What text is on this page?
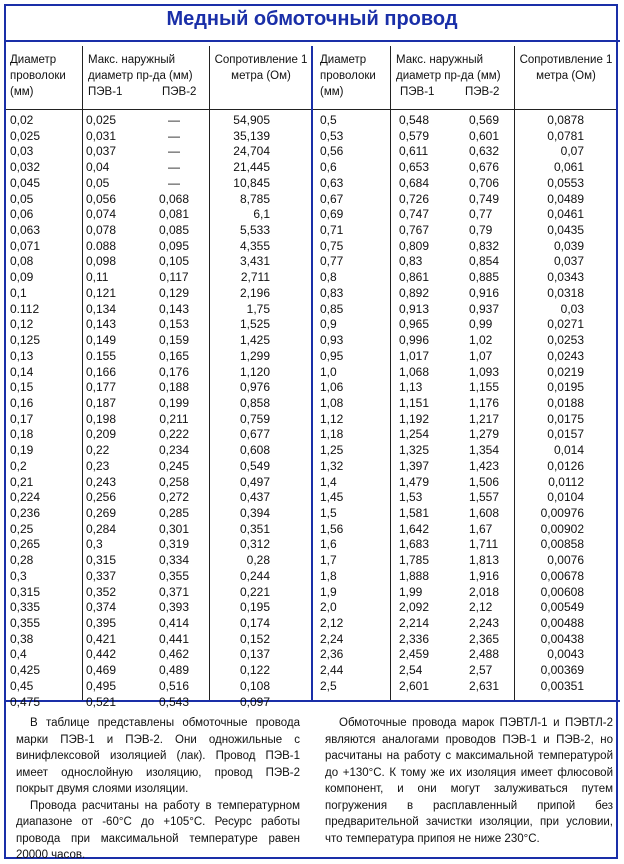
Медный обмоточный провод
Диаметр проволоки (мм)
Макс. наружный диаметр пр-да (мм)
ПЭВ-1	ПЭВ-2
Сопротивление 1 метра (Ом)
Диаметр проволоки (мм)
Макс. наружный диаметр пр-да (мм)
ПЭВ-1	ПЭВ-2
Сопротивление 1 метра (Ом)
0,02
0,025
0,03
0,032
0,045
0,05
0,06
0,063
0,071
0,08
0,09
0,1
0.112
0,12
0,125
0,13
0,14
0,15
0,16
0,17
0,18
0,19
0,2
0,21
0,224
0,236
0,25
0,265
0,28
0,3
0,315
0,335
0,355
0,38
0,4
0,425
0,45
0,475
0,025
0,031
0,037
0,04
0,05
0,056
0,074
0,078
0.088
0,098
0,11
0,121
0,134
0,143
0,149
0.155
0,166
0,177
0,187
0,198
0,209
0,22
0,23
0,243
0,256
0,269
0,284
0,3
0,315
0,337
0,352
0,374
0,395
0,421
0,442
0,469
0,495
0,521
—
—
—
—
—
0,068
0,081
0,085
0,095
0,105
0,117
0,129
0,143
0,153
0,159
0,165
0,176
0,188
0,199
0,211
0,222
0,234
0,245
0,258
0,272
0,285
0,301
0,319
0,334
0,355
0,371
0,393
0,414
0,441
0,462
0,489
0,516
0,543
54,905
35,139
24,704
21,445
10,845
8,785
6,1
5,533
4,355
3,431
2,711
2,196
1,75
1,525
1,425
1,299
1,120
0,976
0,858
0,759
0,677
0,608
0,549
0,497
0,437
0,394
0,351
0,312
0,28
0,244
0,221
0,195
0,174
0,152
0,137
0,122
0,108
0,097
0,5
0,53
0,56
0,6
0,63
0,67
0,69
0,71
0,75
0,77
0,8
0,83
0,85
0,9
0,93
0,95
1,0
1,06
1,08
1,12
1,18
1,25
1,32
1,4
1,45
1,5
1,56
1,6
1,7
1,8
1,9
2,0
2,12
2,24
2,36
2,44
2,5
0,548
0,579
0,611
0,653
0,684
0,726
0,747
0,767
0,809
0,83
0,861
0,892
0,913
0,965
0,996
1,017
1,068
1,13
1,151
1,192
1,254
1,325
1,397
1,479
1,53
1,581
1,642
1,683
1,785
1,888
1,99
2,092
2,214
2,336
2,459
2,54
2,601
0,569
0,601
0,632
0,676
0,706
0,749
0,77
0,79
0,832
0,854
0,885
0,916
0,937
0,99
1,02
1,07
1,093
1,155
1,176
1,217
1,279
1,354
1,423
1,506
1,557
1,608
1,67
1,711
1,813
1,916
2,018
2,12
2,243
2,365
2,488
2,57
2,631
0,0878
0,0781
0,07
0,061
0,0553
0,0489
0,0461
0,0435
0,039
0,037
0,0343
0,0318
0,03
0,0271
0,0253
0,0243
0,0219
0,0195
0,0188
0,0175
0,0157
0,014
0,0126
0,0112
0,0104
0,00976
0,00902
0,00858
0,0076
0,00678
0,00608
0,00549
0,00488
0,00438
0,0043
0,00369
0,00351

В таблице представлены обмоточные провода марки ПЭВ-1 и ПЭВ-2. Они одножильные с винифлексовой изоляцией (лак). Провод ПЭВ-1 имеет однослойную изоляцию, провод ПЭВ-2 покрыт двумя слоями изоляции.

Провода расчитаны на работу в температурном диапазоне от -60°С до +105°С. Ресурс работы провода при максимальной температуре равен 20000 часов.

Обмоточные провода марок ПЭВТЛ-1 и ПЭВТЛ-2 являются аналогами проводов ПЭВ-1 и ПЭВ-2, но расчитаны на работу с максимальной температурой до +130°С. К тому же их изоляция имеет флюсовой компонент, и они могут залуживаться путем погружения в расплавленный припой без предварительной зачистки изоляции, при условии, что температура припоя не ниже 230°С.
